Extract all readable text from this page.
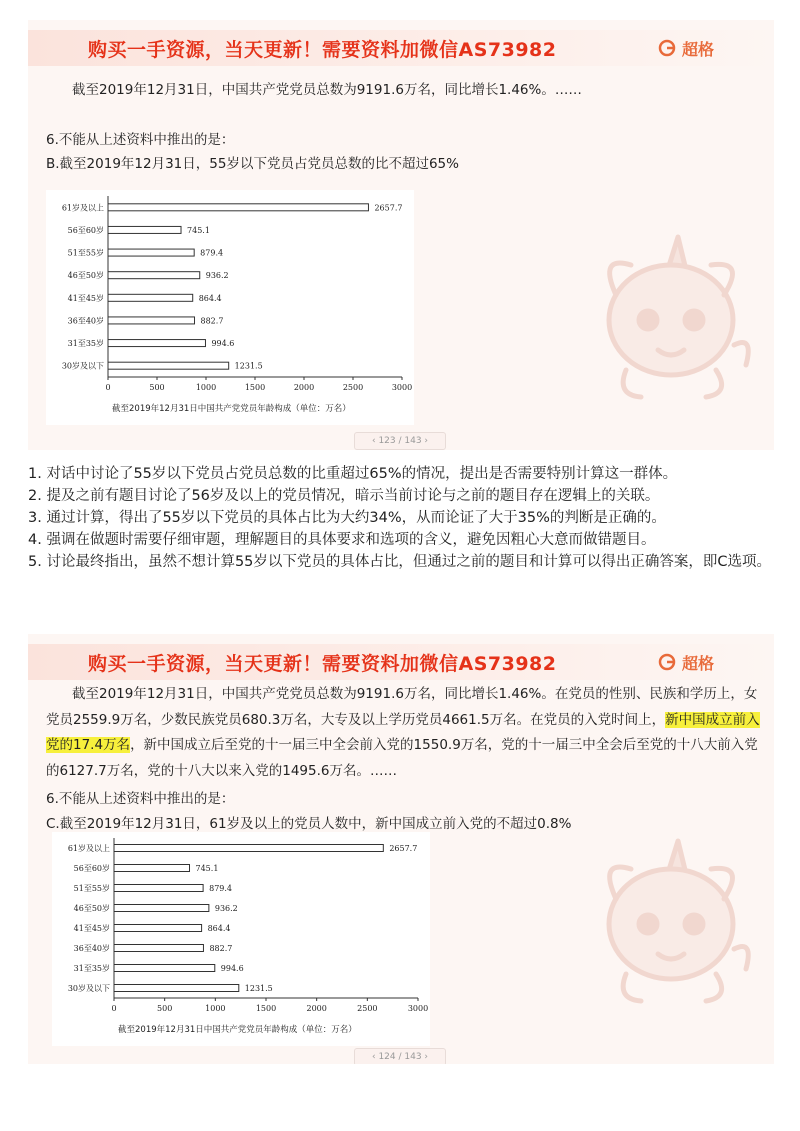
购买一手资源，当天更新！需要资料加微信AS73982	超格
截至2019年12月31日，中国共产党党员总数为9191.6万名，同比增长1.46%。……
6.不能从上述资料中推出的是：
B.截至2019年12月31日，55岁以下党员占党员总数的比不超过65%
61岁及以上	2657.7
56至60岁	745.1
51至55岁	879.4
46至50岁	936.2
41至45岁	864.4
36至40岁	882.7
31至35岁	994.6
30岁及以下	1231.5
0	500	1000	1500	2000	2500	3000
截至2019年12月31日中国共产党党员年龄构成（单位：万名）
‹ 123 / 143 ›

1. 对话中讨论了55岁以下党员占党员总数的比重超过65%的情况，提出是否需要特别计算这一群体。

2. 提及之前有题目讨论了56岁及以上的党员情况，暗示当前讨论与之前的题目存在逻辑上的关联。

3. 通过计算，得出了55岁以下党员的具体占比为大约34%，从而论证了大于35%的判断是正确的。

4. 强调在做题时需要仔细审题，理解题目的具体要求和选项的含义，避免因粗心大意而做错题目。

5. 讨论最终指出，虽然不想计算55岁以下党员的具体占比，但通过之前的题目和计算可以得出正确答案，即C选项。

购买一手资源，当天更新！需要资料加微信AS73982	超格
截至2019年12月31日，中国共产党党员总数为9191.6万名，同比增长1.46%。在党员的性别、民族和学历上，女党员2559.9万名，少数民族党员680.3万名，大专及以上学历党员4661.5万名。在党员的入党时间上，新中国成立前入党的17.4万名，新中国成立后至党的十一届三中全会前入党的1550.9万名，党的十一届三中全会后至党的十八大前入党的6127.7万名，党的十八大以来入党的1495.6万名。……
6.不能从上述资料中推出的是：
C.截至2019年12月31日，61岁及以上的党员人数中，新中国成立前入党的不超过0.8%
61岁及以上	2657.7
56至60岁	745.1
51至55岁	879.4
46至50岁	936.2
41至45岁	864.4
36至40岁	882.7
31至35岁	994.6
30岁及以下	1231.5
0	500	1000	1500	2000	2500	3000
截至2019年12月31日中国共产党党员年龄构成（单位：万名）
‹ 124 / 143 ›
